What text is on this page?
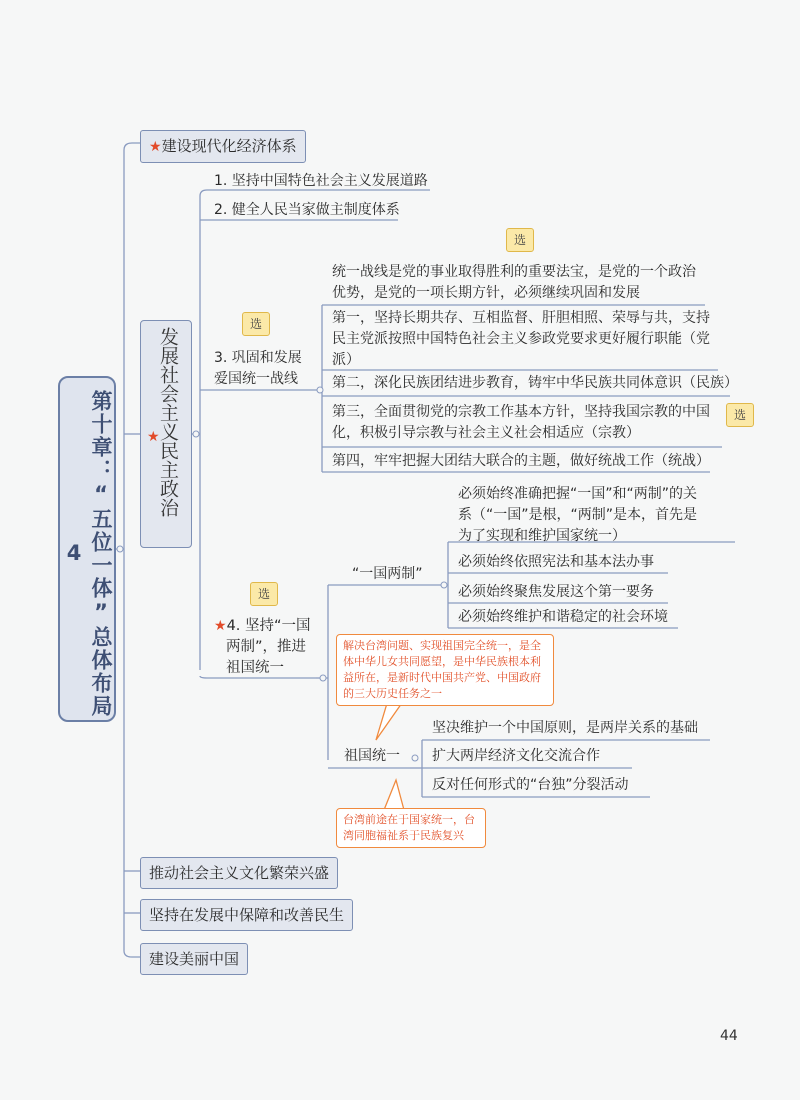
第十章：“五位一体”总体布局4
★建设现代化经济体系
发展社会主义民主政治
★
1. 坚持中国特色社会主义发展道路
2. 健全人民当家做主制度体系
选
选
3. 巩固和发展
爱国统一战线
统一战线是党的事业取得胜利的重要法宝，是党的一个政治
优势，是党的一项长期方针，必须继续巩固和发展
第一，坚持长期共存、互相监督、肝胆相照、荣辱与共，支持
民主党派按照中国特色社会主义参政党要求更好履行职能（党
派）
第二，深化民族团结进步教育，铸牢中华民族共同体意识（民族）
第三，全面贯彻党的宗教工作基本方针，坚持我国宗教的中国
化，积极引导宗教与社会主义社会相适应（宗教）
选
第四，牢牢把握大团结大联合的主题，做好统战工作（统战）
选
★4. 坚持“一国
两制”，推进
祖国统一
“一国两制”
必须始终准确把握“一国”和“两制”的关
系（“一国”是根，“两制”是本，首先是
为了实现和维护国家统一）
必须始终依照宪法和基本法办事
必须始终聚焦发展这个第一要务
必须始终维护和谐稳定的社会环境
解决台湾问题、实现祖国完全统一，是全
体中华儿女共同愿望，是中华民族根本利
益所在，是新时代中国共产党、中国政府
的三大历史任务之一
祖国统一
坚决维护一个中国原则，是两岸关系的基础
扩大两岸经济文化交流合作
反对任何形式的“台独”分裂活动
台湾前途在于国家统一，台
湾同胞福祉系于民族复兴
推动社会主义文化繁荣兴盛
坚持在发展中保障和改善民生
建设美丽中国
44
